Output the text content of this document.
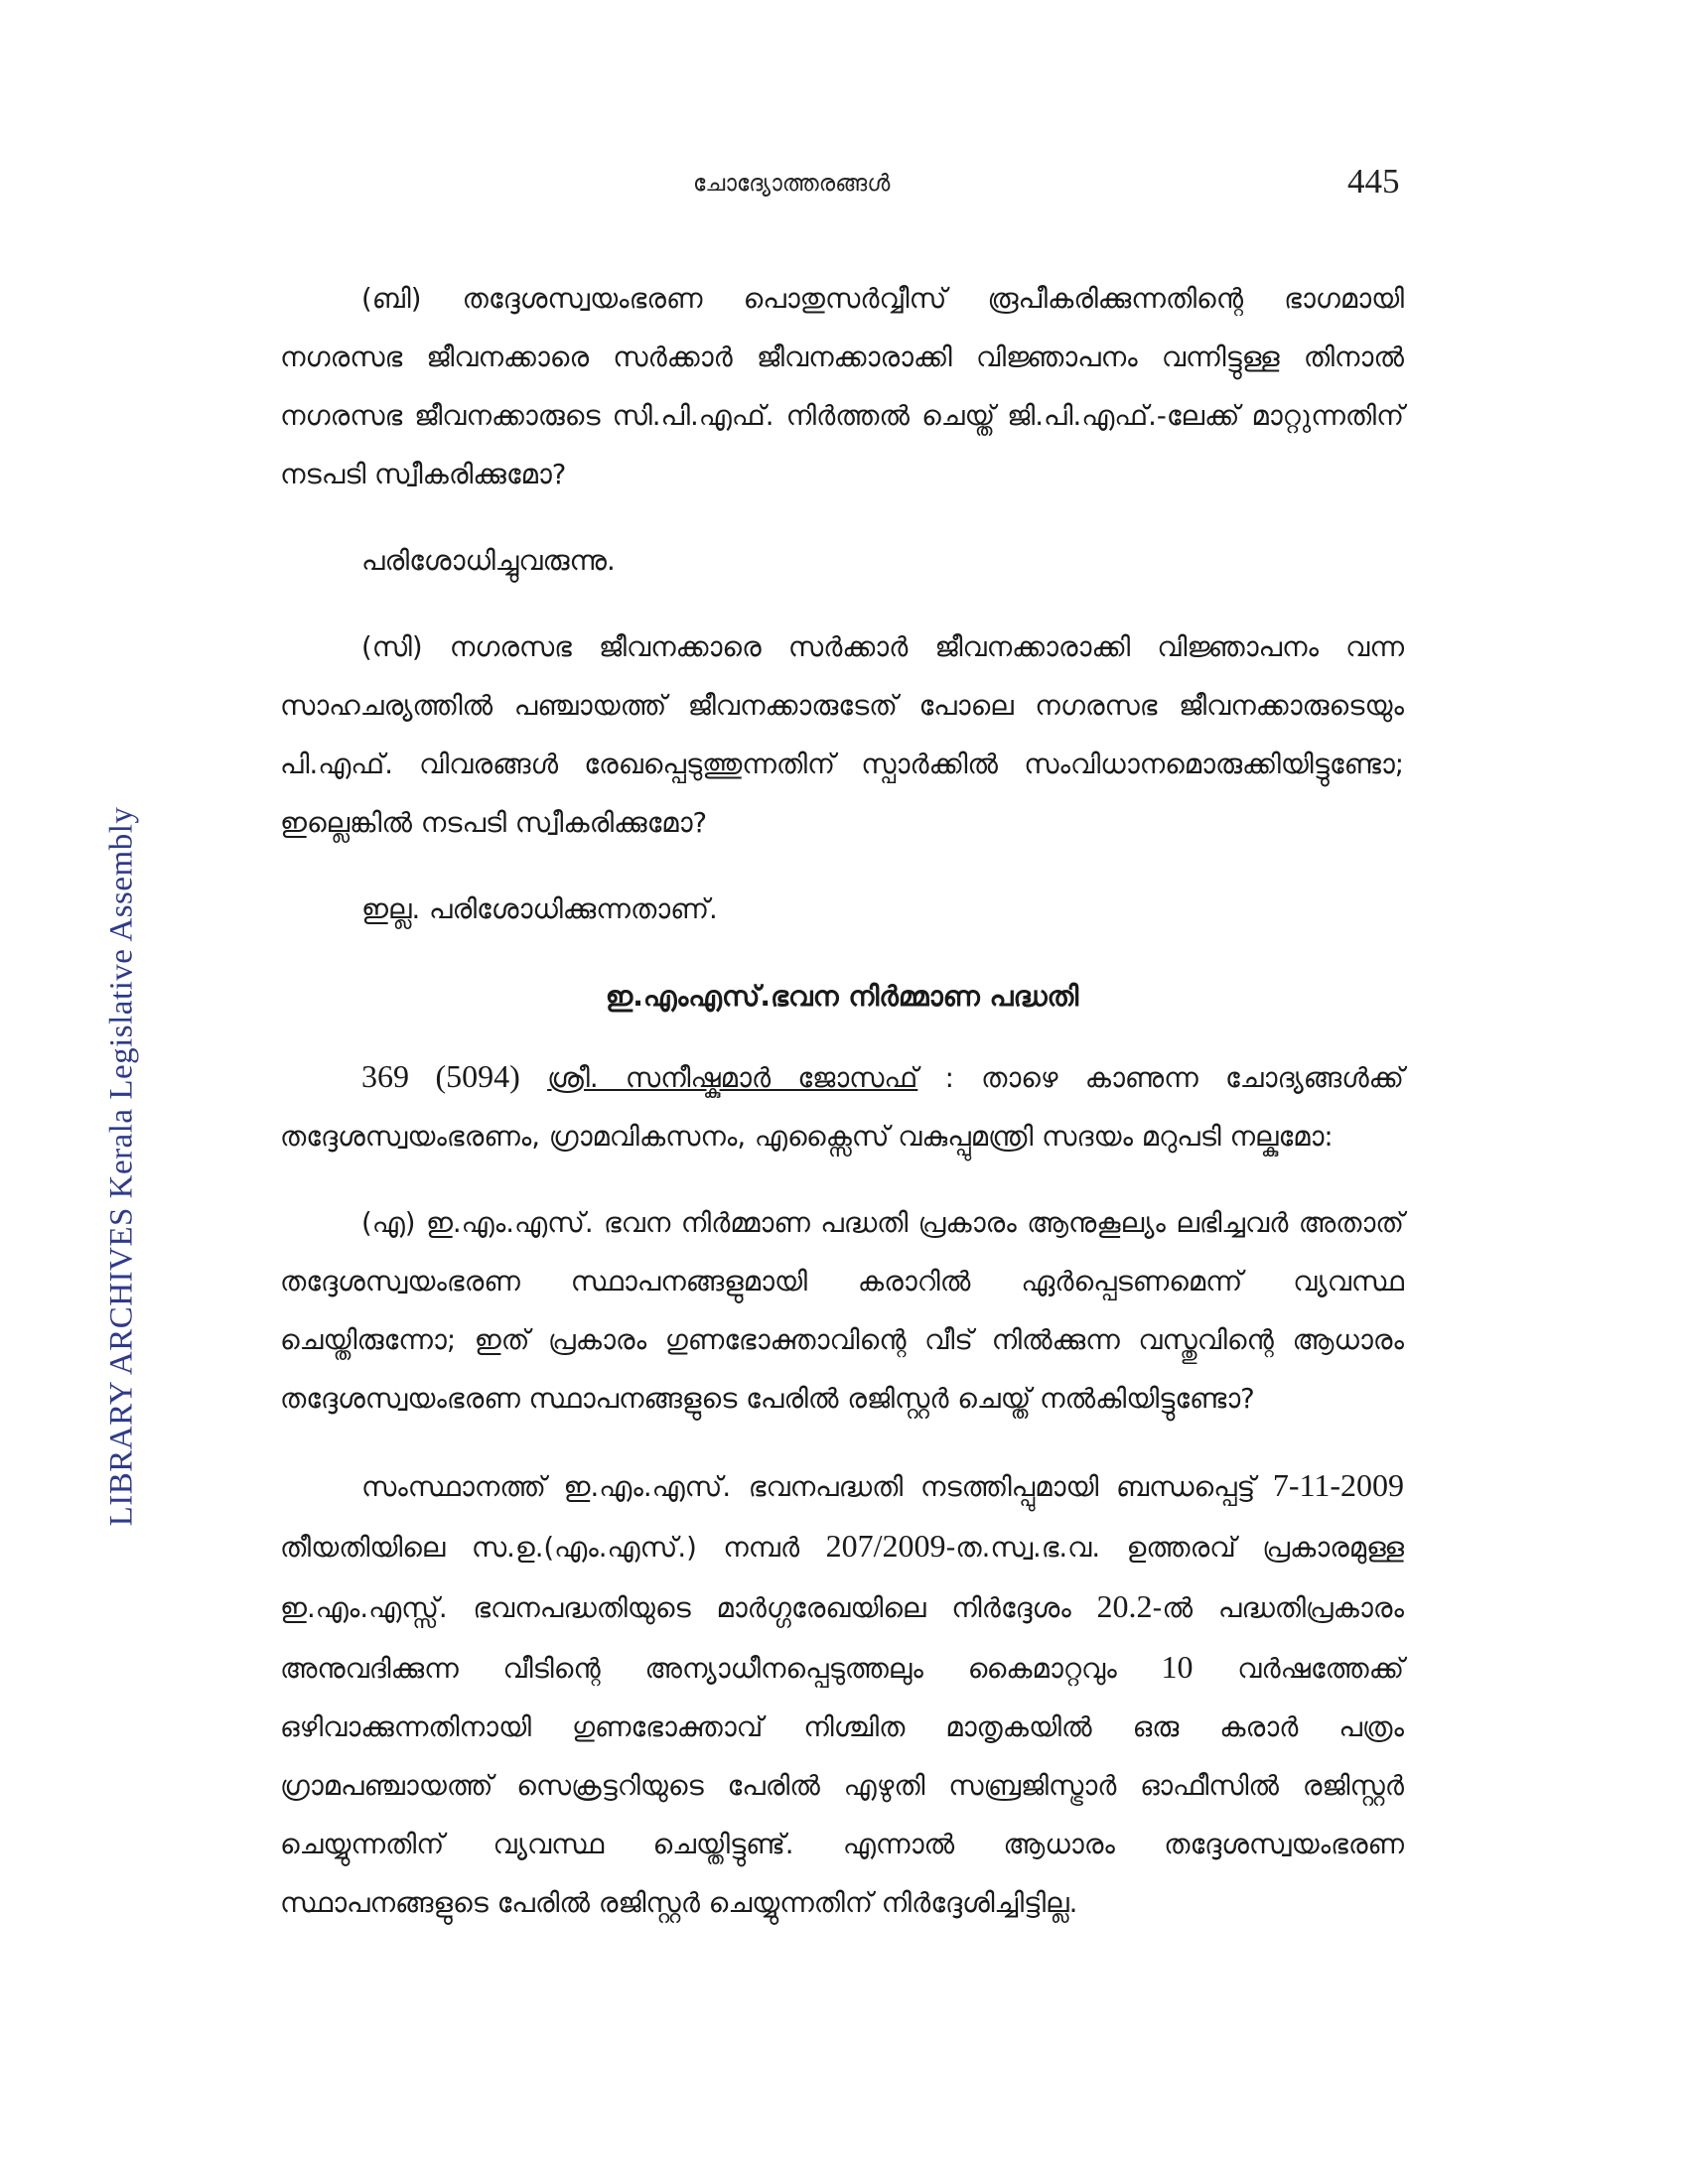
LIBRARY ARCHIVES Kerala Legislative Assembly
ചോദ്യോത്തരങ്ങൾ	445

(ബി) തദ്ദേശസ്വയംഭരണ പൊതുസർവ്വീസ് രൂപീകരിക്കുന്നതിന്റെ ഭാഗമായി നഗരസഭ ജീവനക്കാരെ സർക്കാർ ജീവനക്കാരാക്കി വിജ്ഞാപനം വന്നിട്ടുള്ള തിനാൽ നഗരസഭ ജീവനക്കാരുടെ സി.പി.എഫ്. നിർത്തൽ ചെയ്ത് ജി.പി.എഫ്.-ലേക്ക് മാറ്റുന്നതിന് നടപടി സ്വീകരിക്കുമോ?

പരിശോധിച്ചുവരുന്നു.

(സി) നഗരസഭ ജീവനക്കാരെ സർക്കാർ ജീവനക്കാരാക്കി വിജ്ഞാപനം വന്ന സാഹചര്യത്തിൽ പഞ്ചായത്ത് ജീവനക്കാരുടേത് പോലെ നഗരസഭ ജീവനക്കാരുടെയും പി.എഫ്. വിവരങ്ങൾ രേഖപ്പെടുത്തുന്നതിന് സ്പാർക്കിൽ സംവിധാനമൊരുക്കിയിട്ടുണ്ടോ; ഇല്ലെങ്കിൽ നടപടി സ്വീകരിക്കുമോ?

ഇല്ല. പരിശോധിക്കുന്നതാണ്.

ഇ.എംഎസ്.ഭവന നിർമ്മാണ പദ്ധതി

369 (5094) ശ്രീ. സനീഷ്കുമാർ ജോസഫ് : താഴെ കാണുന്ന ചോദ്യങ്ങൾക്ക് തദ്ദേശസ്വയംഭരണം, ഗ്രാമവികസനം, എക്സൈസ് വകുപ്പുമന്ത്രി സദയം മറുപടി നല്കുമോ:

(എ) ഇ.എം.എസ്. ഭവന നിർമ്മാണ പദ്ധതി പ്രകാരം ആനുകൂല്യം ലഭിച്ചവർ അതാത് തദ്ദേശസ്വയംഭരണ സ്ഥാപനങ്ങളുമായി കരാറിൽ ഏർപ്പെടണമെന്ന് വ്യവസ്ഥ ചെയ്തിരുന്നോ; ഇത് പ്രകാരം ഗുണഭോക്താവിന്റെ വീട് നിൽക്കുന്ന വസ്തുവിന്റെ ആധാരം തദ്ദേശസ്വയംഭരണ സ്ഥാപനങ്ങളുടെ പേരിൽ രജിസ്റ്റർ ചെയ്ത് നൽകിയിട്ടുണ്ടോ?

സംസ്ഥാനത്ത് ഇ.എം.എസ്. ഭവനപദ്ധതി നടത്തിപ്പുമായി ബന്ധപ്പെട്ട് 7-11-2009 തീയതിയിലെ സ.ഉ.(എം.എസ്.) നമ്പർ 207/2009-ത.സ്വ.ഭ.വ. ഉത്തരവ് പ്രകാരമുള്ള ഇ.എം.എസ്സ്. ഭവനപദ്ധതിയുടെ മാർഗ്ഗരേഖയിലെ നിർദ്ദേശം 20.2-ൽ പദ്ധതിപ്രകാരം അനുവദിക്കുന്ന വീടിന്റെ അന്യാധീനപ്പെടുത്തലും കൈമാറ്റവും 10 വർഷത്തേക്ക് ഒഴിവാക്കുന്നതിനായി ഗുണഭോക്താവ് നിശ്ചിത മാതൃകയിൽ ഒരു കരാർ പത്രം ഗ്രാമപഞ്ചായത്ത് സെക്രട്ടറിയുടെ പേരിൽ എഴുതി സബ്രജിസ്ട്രാർ ഓഫീസിൽ രജിസ്റ്റർ ചെയ്യുന്നതിന് വ്യവസ്ഥ ചെയ്തിട്ടുണ്ട്. എന്നാൽ ആധാരം തദ്ദേശസ്വയംഭരണ സ്ഥാപനങ്ങളുടെ പേരിൽ രജിസ്റ്റർ ചെയ്യുന്നതിന് നിർദ്ദേശിച്ചിട്ടില്ല.
